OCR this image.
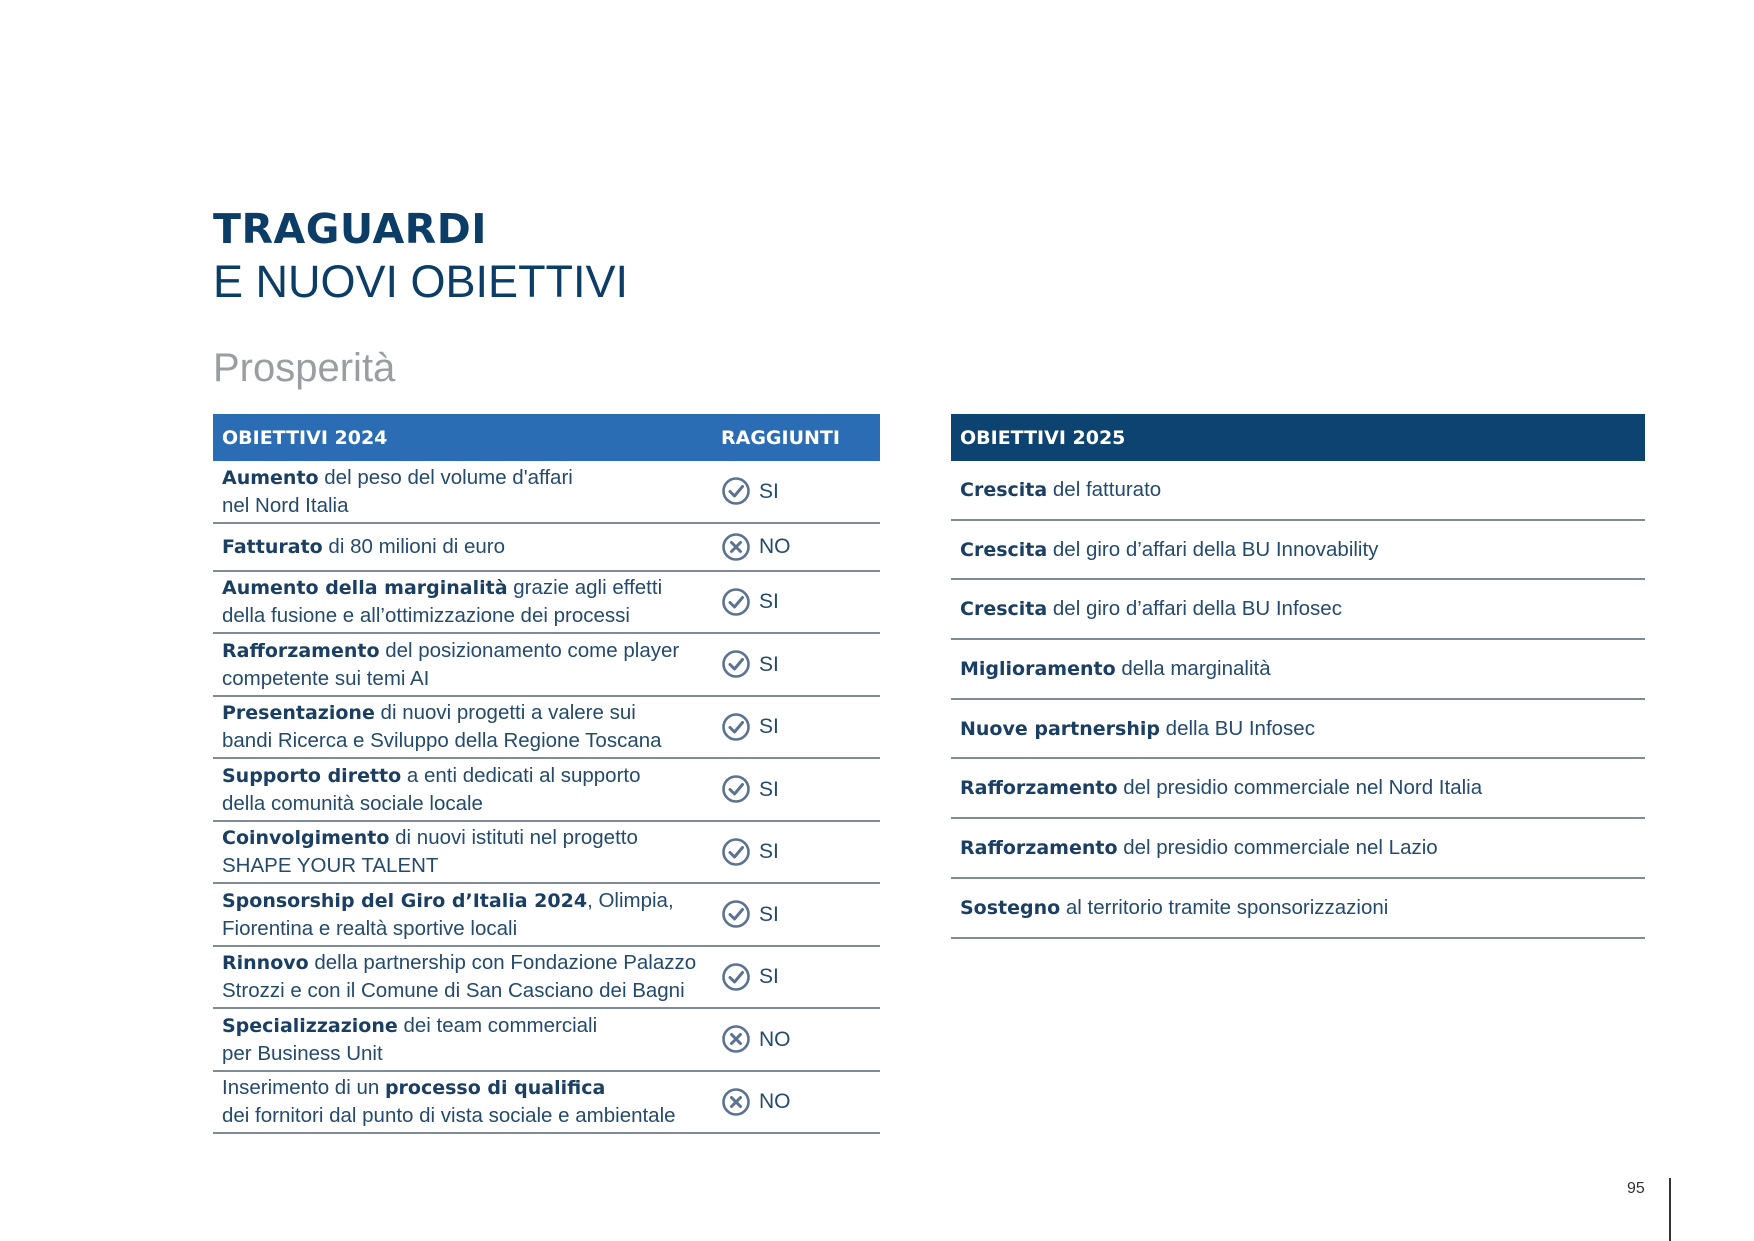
TRAGUARDI
E NUOVI OBIETTIVI
Prosperità
OBIETTIVI 2024	RAGGIUNTI
Aumento del peso del volume d'affari
nel Nord Italia
SI
Fatturato di 80 milioni di euro	NO
Aumento della marginalità grazie agli effetti
della fusione e all’ottimizzazione dei processi
SI
Rafforzamento del posizionamento come player
competente sui temi AI
SI
Presentazione di nuovi progetti a valere sui
bandi Ricerca e Sviluppo della Regione Toscana
SI
Supporto diretto a enti dedicati al supporto
della comunità sociale locale
SI
Coinvolgimento di nuovi istituti nel progetto
SHAPE YOUR TALENT
SI
Sponsorship del Giro d’Italia 2024, Olimpia,
Fiorentina e realtà sportive locali
SI
Rinnovo della partnership con Fondazione Palazzo
Strozzi e con il Comune di San Casciano dei Bagni
SI
Specializzazione dei team commerciali
per Business Unit
NO
Inserimento di un processo di qualifica
dei fornitori dal punto di vista sociale e ambientale
NO
OBIETTIVI 2025
Crescita del fatturato
Crescita del giro d’affari della BU Innovability
Crescita del giro d’affari della BU Infosec
Miglioramento della marginalità
Nuove partnership della BU Infosec
Rafforzamento del presidio commerciale nel Nord Italia
Rafforzamento del presidio commerciale nel Lazio
Sostegno al territorio tramite sponsorizzazioni
95
